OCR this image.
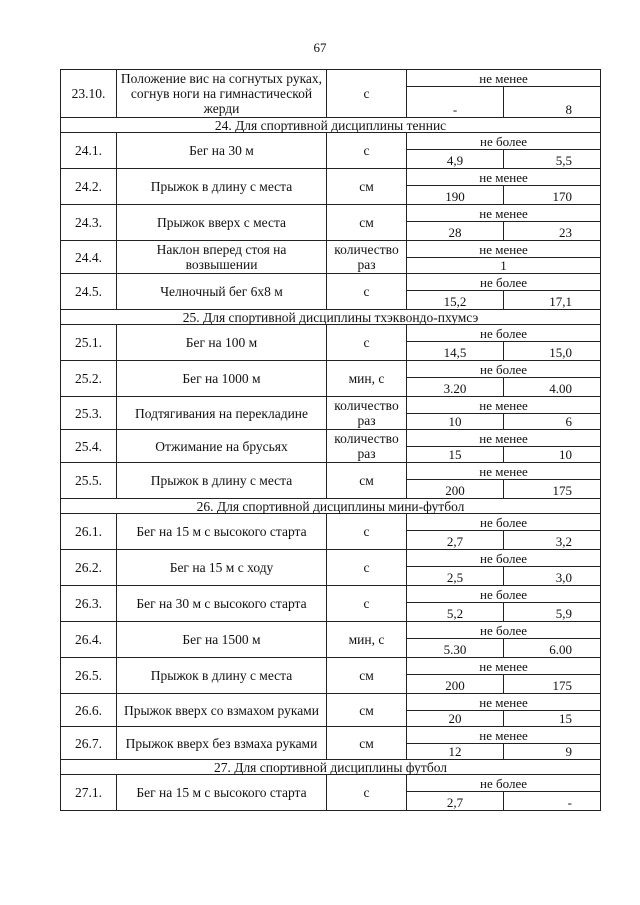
67
23.10.	Положение вис на согнутых руках, согнув ноги на гимнастической жерди	с	не менее	
			-	8
24. Для спортивной дисциплины теннис				
24.1.	Бег на 30 м	с	не более	
			4,9	5,5
24.2.	Прыжок в длину с места	см	не менее	
			190	170
24.3.	Прыжок вверх с места	см	не менее	
			28	23
24.4.	Наклон вперед стоя на возвышении	количество раз	не менее	
			1	
24.5.	Челночный бег 6х8 м	с	не более	
			15,2	17,1
25. Для спортивной дисциплины тхэквондо-пхумсэ				
25.1.	Бег на 100 м	с	не более	
			14,5	15,0
25.2.	Бег на 1000 м	мин, с	не более	
			3.20	4.00
25.3.	Подтягивания на перекладине	количество раз	не менее	
			10	6
25.4.	Отжимание на брусьях	количество раз	не менее	
			15	10
25.5.	Прыжок в длину с места	см	не менее	
			200	175
26. Для спортивной дисциплины мини-футбол				
26.1.	Бег на 15 м с высокого старта	с	не более	
			2,7	3,2
26.2.	Бег на 15 м с ходу	с	не более	
			2,5	3,0
26.3.	Бег на 30 м с высокого старта	с	не более	
			5,2	5,9
26.4.	Бег на 1500 м	мин, с	не более	
			5.30	6.00
26.5.	Прыжок в длину с места	см	не менее	
			200	175
26.6.	Прыжок вверх со взмахом руками	см	не менее	
			20	15
26.7.	Прыжок вверх без взмаха руками	см	не менее	
			12	9
27. Для спортивной дисциплины футбол				
27.1.	Бег на 15 м с высокого старта	с	не более	
			2,7	-
